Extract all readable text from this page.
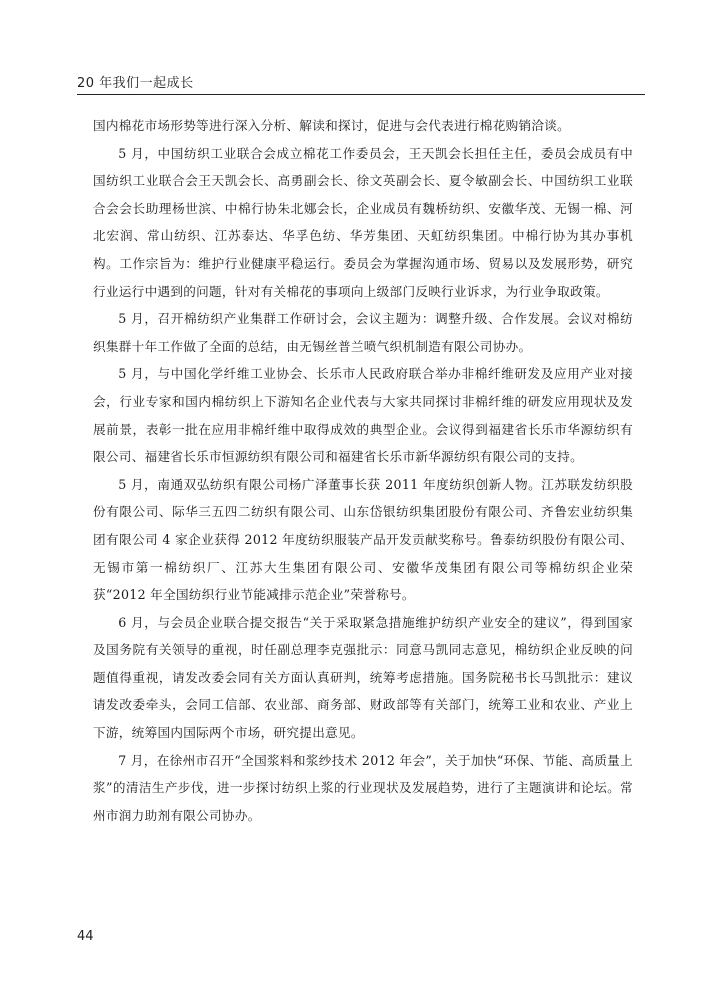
20 年我们一起成长

国内棉花市场形势等进行深入分析、解读和探讨，促进与会代表进行棉花购销洽谈。

5 月，中国纺织工业联合会成立棉花工作委员会，王天凯会长担任主任，委员会成员有中国纺织工业联合会王天凯会长、高勇副会长、徐文英副会长、夏令敏副会长、中国纺织工业联合会会长助理杨世滨、中棉行协朱北娜会长，企业成员有魏桥纺织、安徽华茂、无锡一棉、河北宏润、常山纺织、江苏泰达、华孚色纺、华芳集团、天虹纺织集团。中棉行协为其办事机构。工作宗旨为：维护行业健康平稳运行。委员会为掌握沟通市场、贸易以及发展形势，研究行业运行中遇到的问题，针对有关棉花的事项向上级部门反映行业诉求，为行业争取政策。

5 月，召开棉纺织产业集群工作研讨会，会议主题为：调整升级、合作发展。会议对棉纺织集群十年工作做了全面的总结，由无锡丝普兰喷气织机制造有限公司协办。

5 月，与中国化学纤维工业协会、长乐市人民政府联合举办非棉纤维研发及应用产业对接会，行业专家和国内棉纺织上下游知名企业代表与大家共同探讨非棉纤维的研发应用现状及发展前景，表彰一批在应用非棉纤维中取得成效的典型企业。会议得到福建省长乐市华源纺织有限公司、福建省长乐市恒源纺织有限公司和福建省长乐市新华源纺织有限公司的支持。

5 月，南通双弘纺织有限公司杨广泽董事长获 2011 年度纺织创新人物。江苏联发纺织股份有限公司、际华三五四二纺织有限公司、山东岱银纺织集团股份有限公司、齐鲁宏业纺织集团有限公司 4 家企业获得 2012 年度纺织服装产品开发贡献奖称号。鲁泰纺织股份有限公司、无锡市第一棉纺织厂、江苏大生集团有限公司、安徽华茂集团有限公司等棉纺织企业荣获“2012 年全国纺织行业节能减排示范企业”荣誉称号。

6 月，与会员企业联合提交报告“关于采取紧急措施维护纺织产业安全的建议”，得到国家及国务院有关领导的重视，时任副总理李克强批示：同意马凯同志意见，棉纺织企业反映的问题值得重视，请发改委会同有关方面认真研判，统筹考虑措施。国务院秘书长马凯批示：建议请发改委牵头，会同工信部、农业部、商务部、财政部等有关部门，统筹工业和农业、产业上下游，统筹国内国际两个市场，研究提出意见。

7 月，在徐州市召开“全国浆料和浆纱技术 2012 年会”，关于加快“环保、节能、高质量上浆”的清洁生产步伐，进一步探讨纺织上浆的行业现状及发展趋势，进行了主题演讲和论坛。常州市润力助剂有限公司协办。

44
